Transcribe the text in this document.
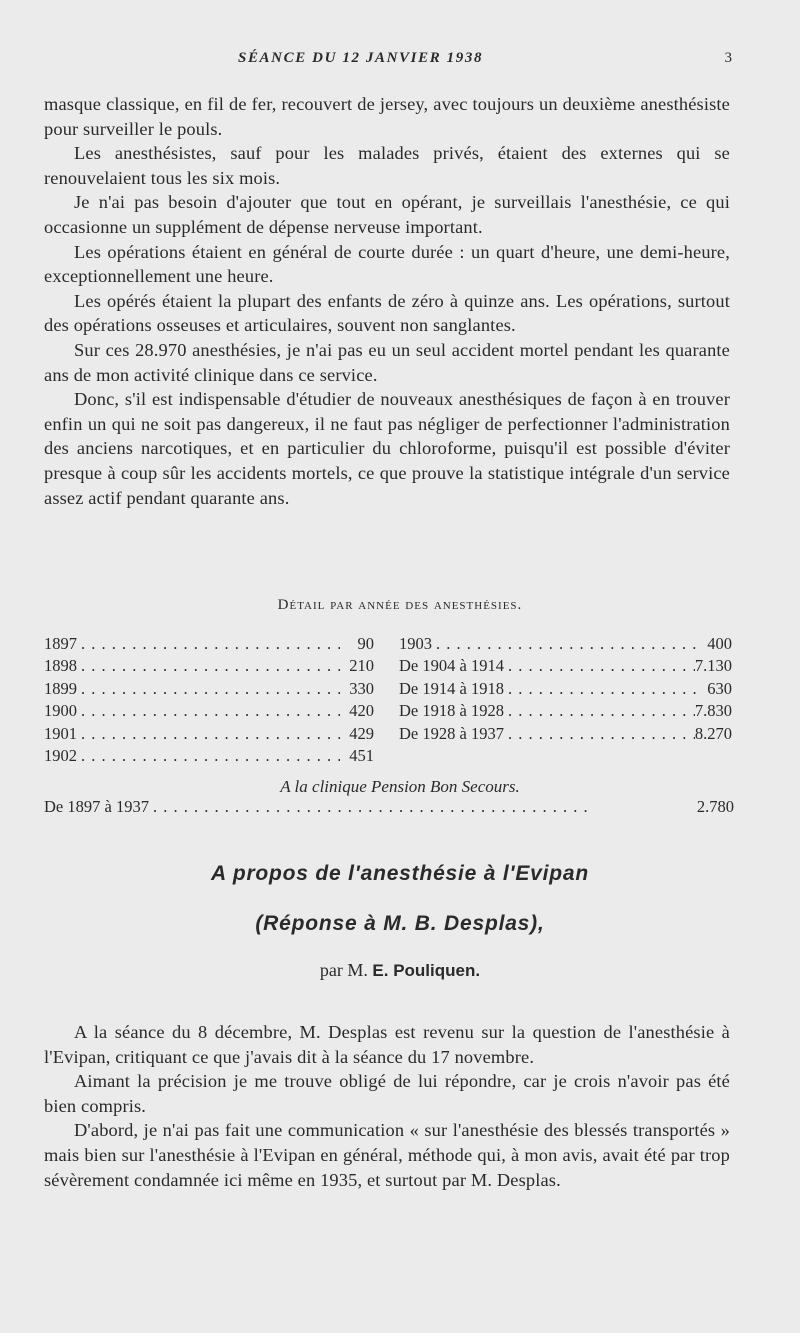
SÉANCE DU 12 JANVIER 1938	3

masque classique, en fil de fer, recouvert de jersey, avec toujours un deuxième anesthésiste pour surveiller le pouls.

Les anesthésistes, sauf pour les malades privés, étaient des externes qui se renouvelaient tous les six mois.

Je n'ai pas besoin d'ajouter que tout en opérant, je surveillais l'anesthésie, ce qui occasionne un supplément de dépense nerveuse important.

Les opérations étaient en général de courte durée : un quart d'heure, une demi-heure, exceptionnellement une heure.

Les opérés étaient la plupart des enfants de zéro à quinze ans. Les opérations, surtout des opérations osseuses et articulaires, souvent non sanglantes.

Sur ces 28.970 anesthésies, je n'ai pas eu un seul accident mortel pendant les quarante ans de mon activité clinique dans ce service.

Donc, s'il est indispensable d'étudier de nouveaux anesthésiques de façon à en trouver enfin un qui ne soit pas dangereux, il ne faut pas négliger de perfectionner l'administration des anciens narcotiques, et en particulier du chloroforme, puisqu'il est possible d'éviter presque à coup sûr les accidents mortels, ce que prouve la statistique intégrale d'un service assez actif pendant quarante ans.

Détail par année des anesthésies.
1897 . . .	90
1898 . . .	210
1899 . . .	330
1900 . . .	420
1901 . . .	429
1902 . . .	451
1903 . . .	400
De 1904 à 1914 . . .	7.130
De 1914 à 1918 . . .	630
De 1918 à 1928 . . .	7.830
De 1928 à 1937 . . .	8.270
A la clinique Pension Bon Secours.
De 1897 à 1937 . . .	2.780
A propos de l'anesthésie à l'Evipan
(Réponse à M. B. Desplas),
par M. E. Pouliquen.

A la séance du 8 décembre, M. Desplas est revenu sur la question de l'anesthésie à l'Evipan, critiquant ce que j'avais dit à la séance du 17 novembre.

Aimant la précision je me trouve obligé de lui répondre, car je crois n'avoir pas été bien compris.

D'abord, je n'ai pas fait une communication « sur l'anesthésie des blessés transportés » mais bien sur l'anesthésie à l'Evipan en général, méthode qui, à mon avis, avait été par trop sévèrement condamnée ici même en 1935, et surtout par M. Desplas.
